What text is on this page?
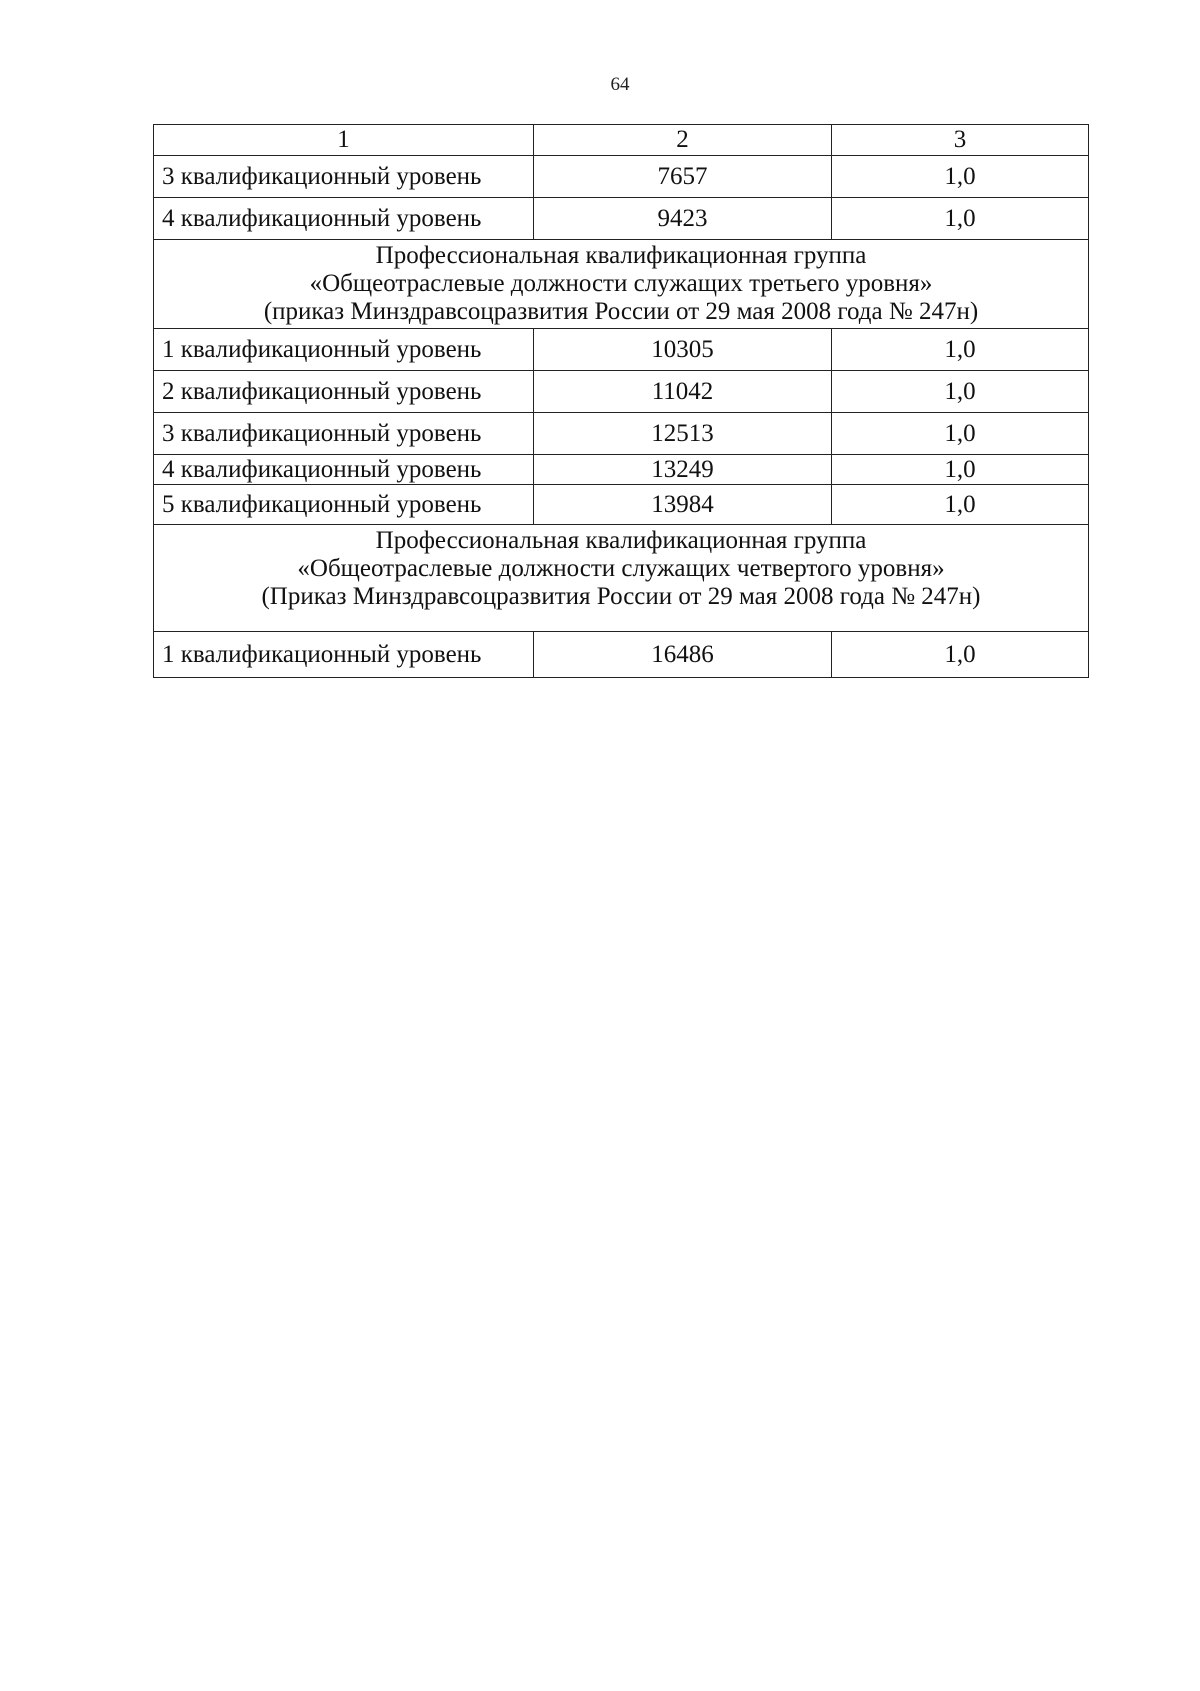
64
1	2	3
3 квалификационный уровень	7657	1,0
4 квалификационный уровень	9423	1,0

Профессиональная квалификационная группа
«Общеотраслевые должности служащих третьего уровня»
(приказ Минздравсоцразвития России от 29 мая 2008 года № 247н)		

1 квалификационный уровень	10305	1,0
2 квалификационный уровень	11042	1,0
3 квалификационный уровень	12513	1,0
4 квалификационный уровень	13249	1,0
5 квалификационный уровень	13984	1,0

Профессиональная квалификационная группа
«Общеотраслевые должности служащих четвертого уровня»
(Приказ Минздравсоцразвития России от 29 мая 2008 года № 247н)		

1 квалификационный уровень	16486	1,0
